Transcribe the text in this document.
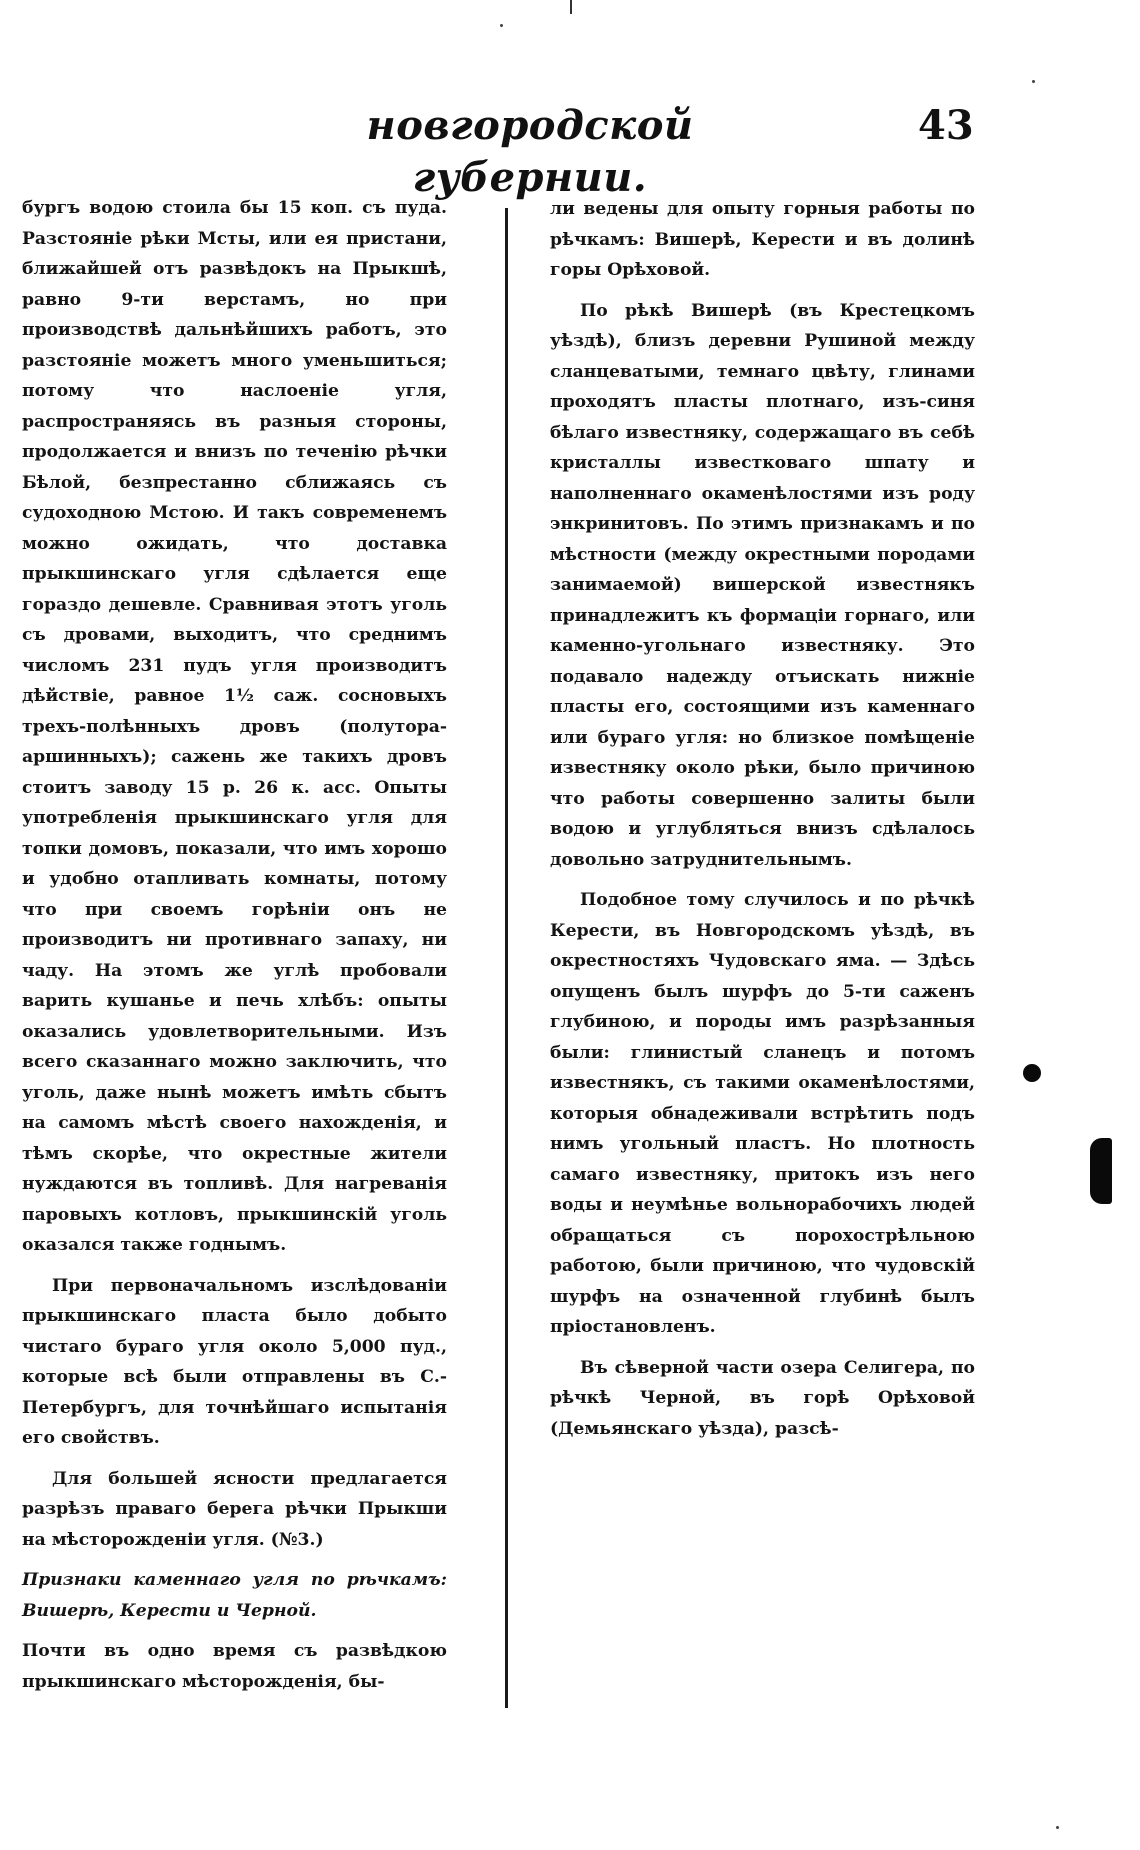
новгородской губернии.
43

бургъ водою стоила бы 15 коп. съ пуда. Разстояніе рѣки Мсты, или ея пристани, ближайшей отъ развѣдокъ на Прыкшѣ, равно 9-ти верстамъ, но при производствѣ дальнѣйшихъ работъ, это разстояніе можетъ много уменьшиться; потому что наслоеніе угля, распространяясь въ разныя стороны, продолжается и внизъ по теченію рѣчки Бѣлой, безпрестанно сближаясь съ судоходною Мстою. И такъ современемъ можно ожидать, что доставка прыкшинскаго угля сдѣлается еще гораздо дешевле. Сравнивая этотъ уголь съ дровами, выходитъ, что среднимъ числомъ 231 пудъ угля производитъ дѣйствіе, равное 1½ саж. сосновыхъ трехъ-полѣнныхъ дровъ (полутора-аршинныхъ); сажень же такихъ дровъ стоитъ заводу 15 р. 26 к. асс. Опыты употребленія прыкшинскаго угля для топки домовъ, показали, что имъ хорошо и удобно отапливать комнаты, потому что при своемъ горѣніи онъ не производитъ ни противнаго запаху, ни чаду. На этомъ же углѣ пробовали варить кушанье и печь хлѣбъ: опыты оказались удовлетворительными. Изъ всего сказаннаго можно заключить, что уголь, даже нынѣ можетъ имѣть сбытъ на самомъ мѣстѣ своего нахожденія, и тѣмъ скорѣе, что окрестные жители нуждаются въ топливѣ. Для нагреванія паровыхъ котловъ, прыкшинскій уголь оказался также годнымъ.

При первоначальномъ изслѣдованіи прыкшинскаго пласта было добыто чистаго бураго угля около 5,000 пуд., которые всѣ были отправлены въ С.-Петербургъ, для точнѣйшаго испытанія его свойствъ.

Для большей ясности предлагается разрѣзъ праваго берега рѣчки Прыкши на мѣсторожденіи угля. (№3.)

Признаки каменнаго угля по рѣчкамъ: Вишерѣ, Керести и Черной.

Почти въ одно время съ развѣдкою прыкшинскаго мѣсторожденія, бы-

ли ведены для опыту горныя работы по рѣчкамъ: Вишерѣ, Керести и въ долинѣ горы Орѣховой.

По рѣкѣ Вишерѣ (въ Крестецкомъ уѣздѣ), близъ деревни Рушиной между сланцеватыми, темнаго цвѣту, глинами проходятъ пласты плотнаго, изъ-синя бѣлаго известняку, содержащаго въ себѣ кристаллы известковаго шпату и наполненнаго окаменѣлостями изъ роду энкринитовъ. По этимъ признакамъ и по мѣстности (между окрестными породами занимаемой) вишерской известнякъ принадлежитъ къ формаціи горнаго, или каменно-угольнаго известняку. Это подавало надежду отъискать нижніе пласты его, состоящими изъ каменнаго или бураго угля: но близкое помѣщеніе известняку около рѣки, было причиною что работы совершенно залиты были водою и углубляться внизъ сдѣлалось довольно затруднительнымъ.

Подобное тому случилось и по рѣчкѣ Керести, въ Новгородскомъ уѣздѣ, въ окрестностяхъ Чудовскаго яма. — Здѣсь опущенъ былъ шурфъ до 5-ти саженъ глубиною, и породы имъ разрѣзанныя были: глинистый сланецъ и потомъ известнякъ, съ такими окаменѣлостями, которыя обнадеживали встрѣтить подъ нимъ угольный пластъ. Но плотность самаго известняку, притокъ изъ него воды и неумѣнье вольнорабочихъ людей обращаться съ порохострѣльною работою, были причиною, что чудовскій шурфъ на означенной глубинѣ былъ пріостановленъ.

Въ сѣверной части озера Селигера, по рѣчкѣ Черной, въ горѣ Орѣховой (Демьянскаго уѣзда), разсѣ-
